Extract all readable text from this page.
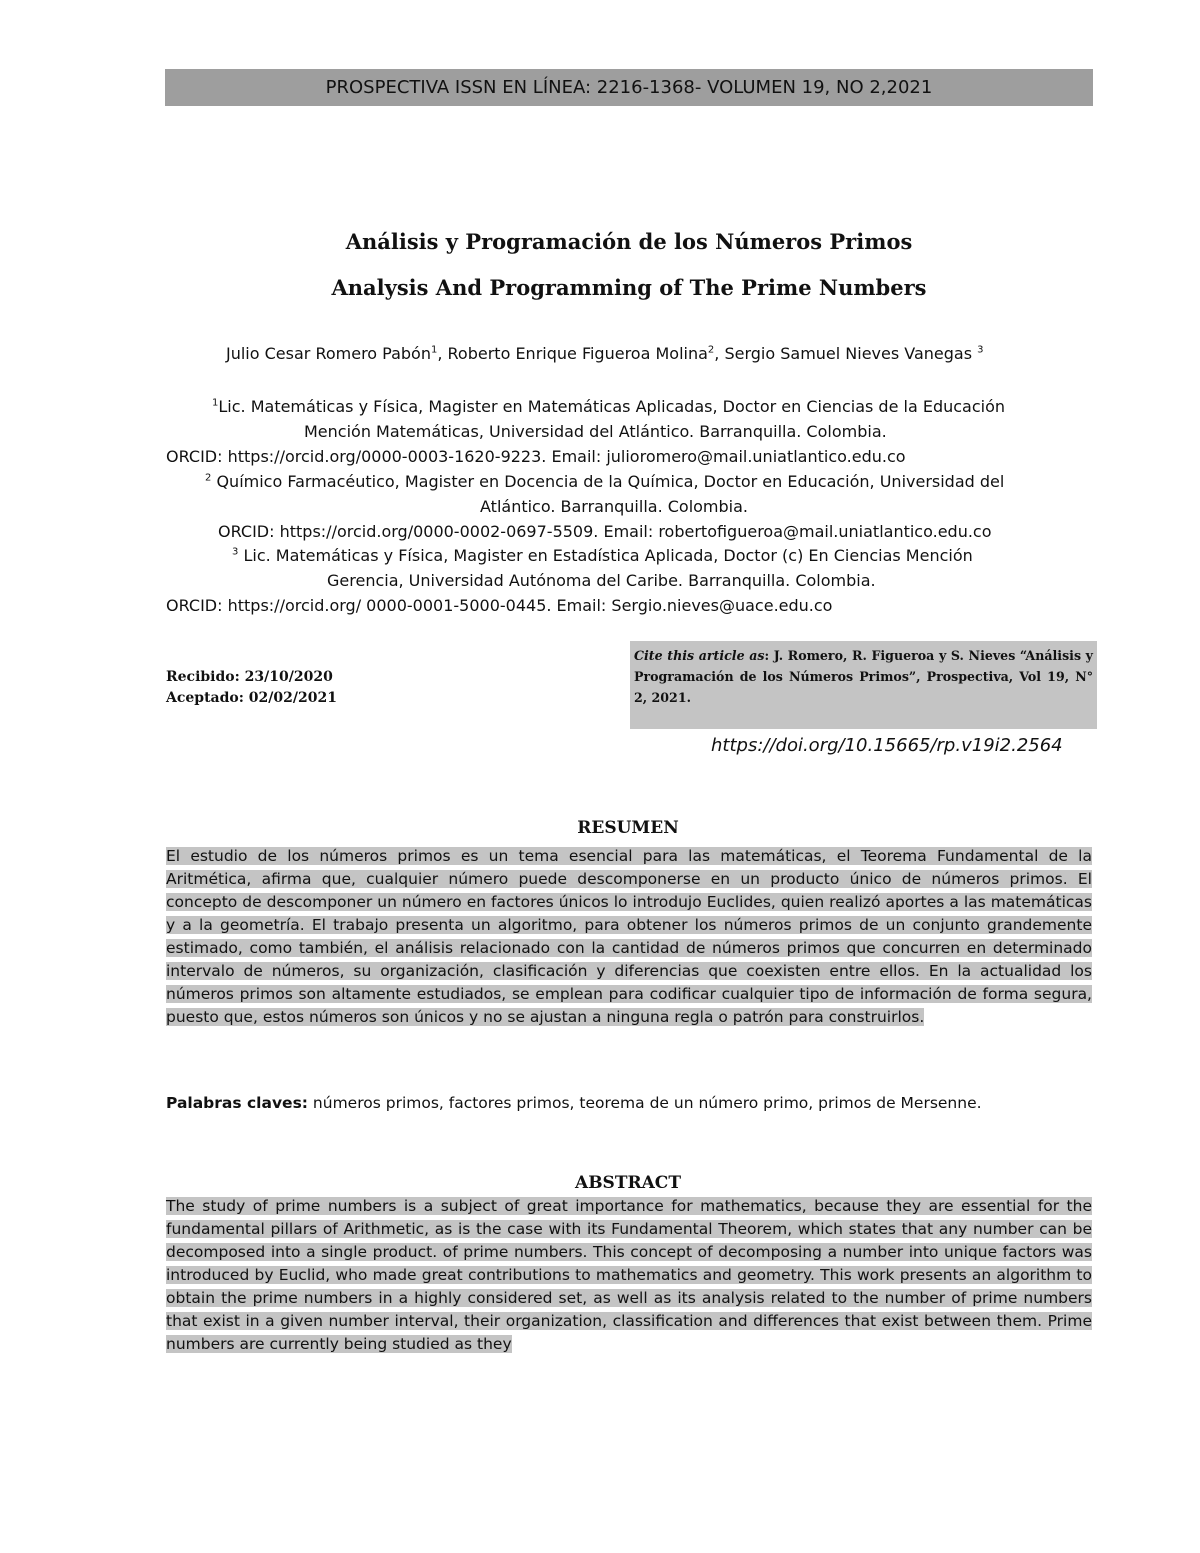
PROSPECTIVA ISSN EN LÍNEA: 2216-1368- VOLUMEN 19, NO 2,2021
Análisis y Programación de los Números Primos
Analysis And Programming of The Prime Numbers
Julio Cesar Romero Pabón$^1$, Roberto Enrique Figueroa Molina$^2$, Sergio Samuel Nieves Vanegas $^3$
$^1$Lic. Matemáticas y Física, Magister en Matemáticas Aplicadas, Doctor en Ciencias de la Educación
Mención Matemáticas, Universidad del Atlántico. Barranquilla. Colombia.
ORCID: https://orcid.org/0000-0003-1620-9223. Email: julioromero@mail.uniatlantico.edu.co
$^2$ Químico Farmacéutico, Magister en Docencia de la Química, Doctor en Educación, Universidad del
Atlántico. Barranquilla. Colombia.
ORCID: https://orcid.org/0000-0002-0697-5509. Email: robertofigueroa@mail.uniatlantico.edu.co
$^3$ Lic. Matemáticas y Física, Magister en Estadística Aplicada, Doctor (c) En Ciencias Mención
Gerencia, Universidad Autónoma del Caribe. Barranquilla. Colombia.
ORCID: https://orcid.org/ 0000-0001-5000-0445. Email: Sergio.nieves@uace.edu.co
Recibido: 23/10/2020
Aceptado: 02/02/2021
Cite this article as: J. Romero, R. Figueroa y S. Nieves “Análisis y Programación de los Números Primos”, Prospectiva, Vol 19, N° 2, 2021.
https://doi.org/10.15665/rp.v19i2.2564
RESUMEN
El estudio de los números primos es un tema esencial para las matemáticas, el Teorema Fundamental de la Aritmética, afirma que, cualquier número puede descomponerse en un producto único de números primos. El concepto de descomponer un número en factores únicos lo introdujo Euclides, quien realizó aportes a las matemáticas y a la geometría. El trabajo presenta un algoritmo, para obtener los números primos de un conjunto grandemente estimado, como también, el análisis relacionado con la cantidad de números primos que concurren en determinado intervalo de números, su organización, clasificación y diferencias que coexisten entre ellos. En la actualidad los números primos son altamente estudiados, se emplean para codificar cualquier tipo de información de forma segura, puesto que, estos números son únicos y no se ajustan a ninguna regla o patrón para construirlos.
Palabras claves: números primos, factores primos, teorema de un número primo, primos de Mersenne.
ABSTRACT
The study of prime numbers is a subject of great importance for mathematics, because they are essential for the fundamental pillars of Arithmetic, as is the case with its Fundamental Theorem, which states that any number can be decomposed into a single product. of prime numbers. This concept of decomposing a number into unique factors was introduced by Euclid, who made great contributions to mathematics and geometry. This work presents an algorithm to obtain the prime numbers in a highly considered set, as well as its analysis related to the number of prime numbers that exist in a given number interval, their organization, classification and differences that exist between them. Prime numbers are currently being studied as they
